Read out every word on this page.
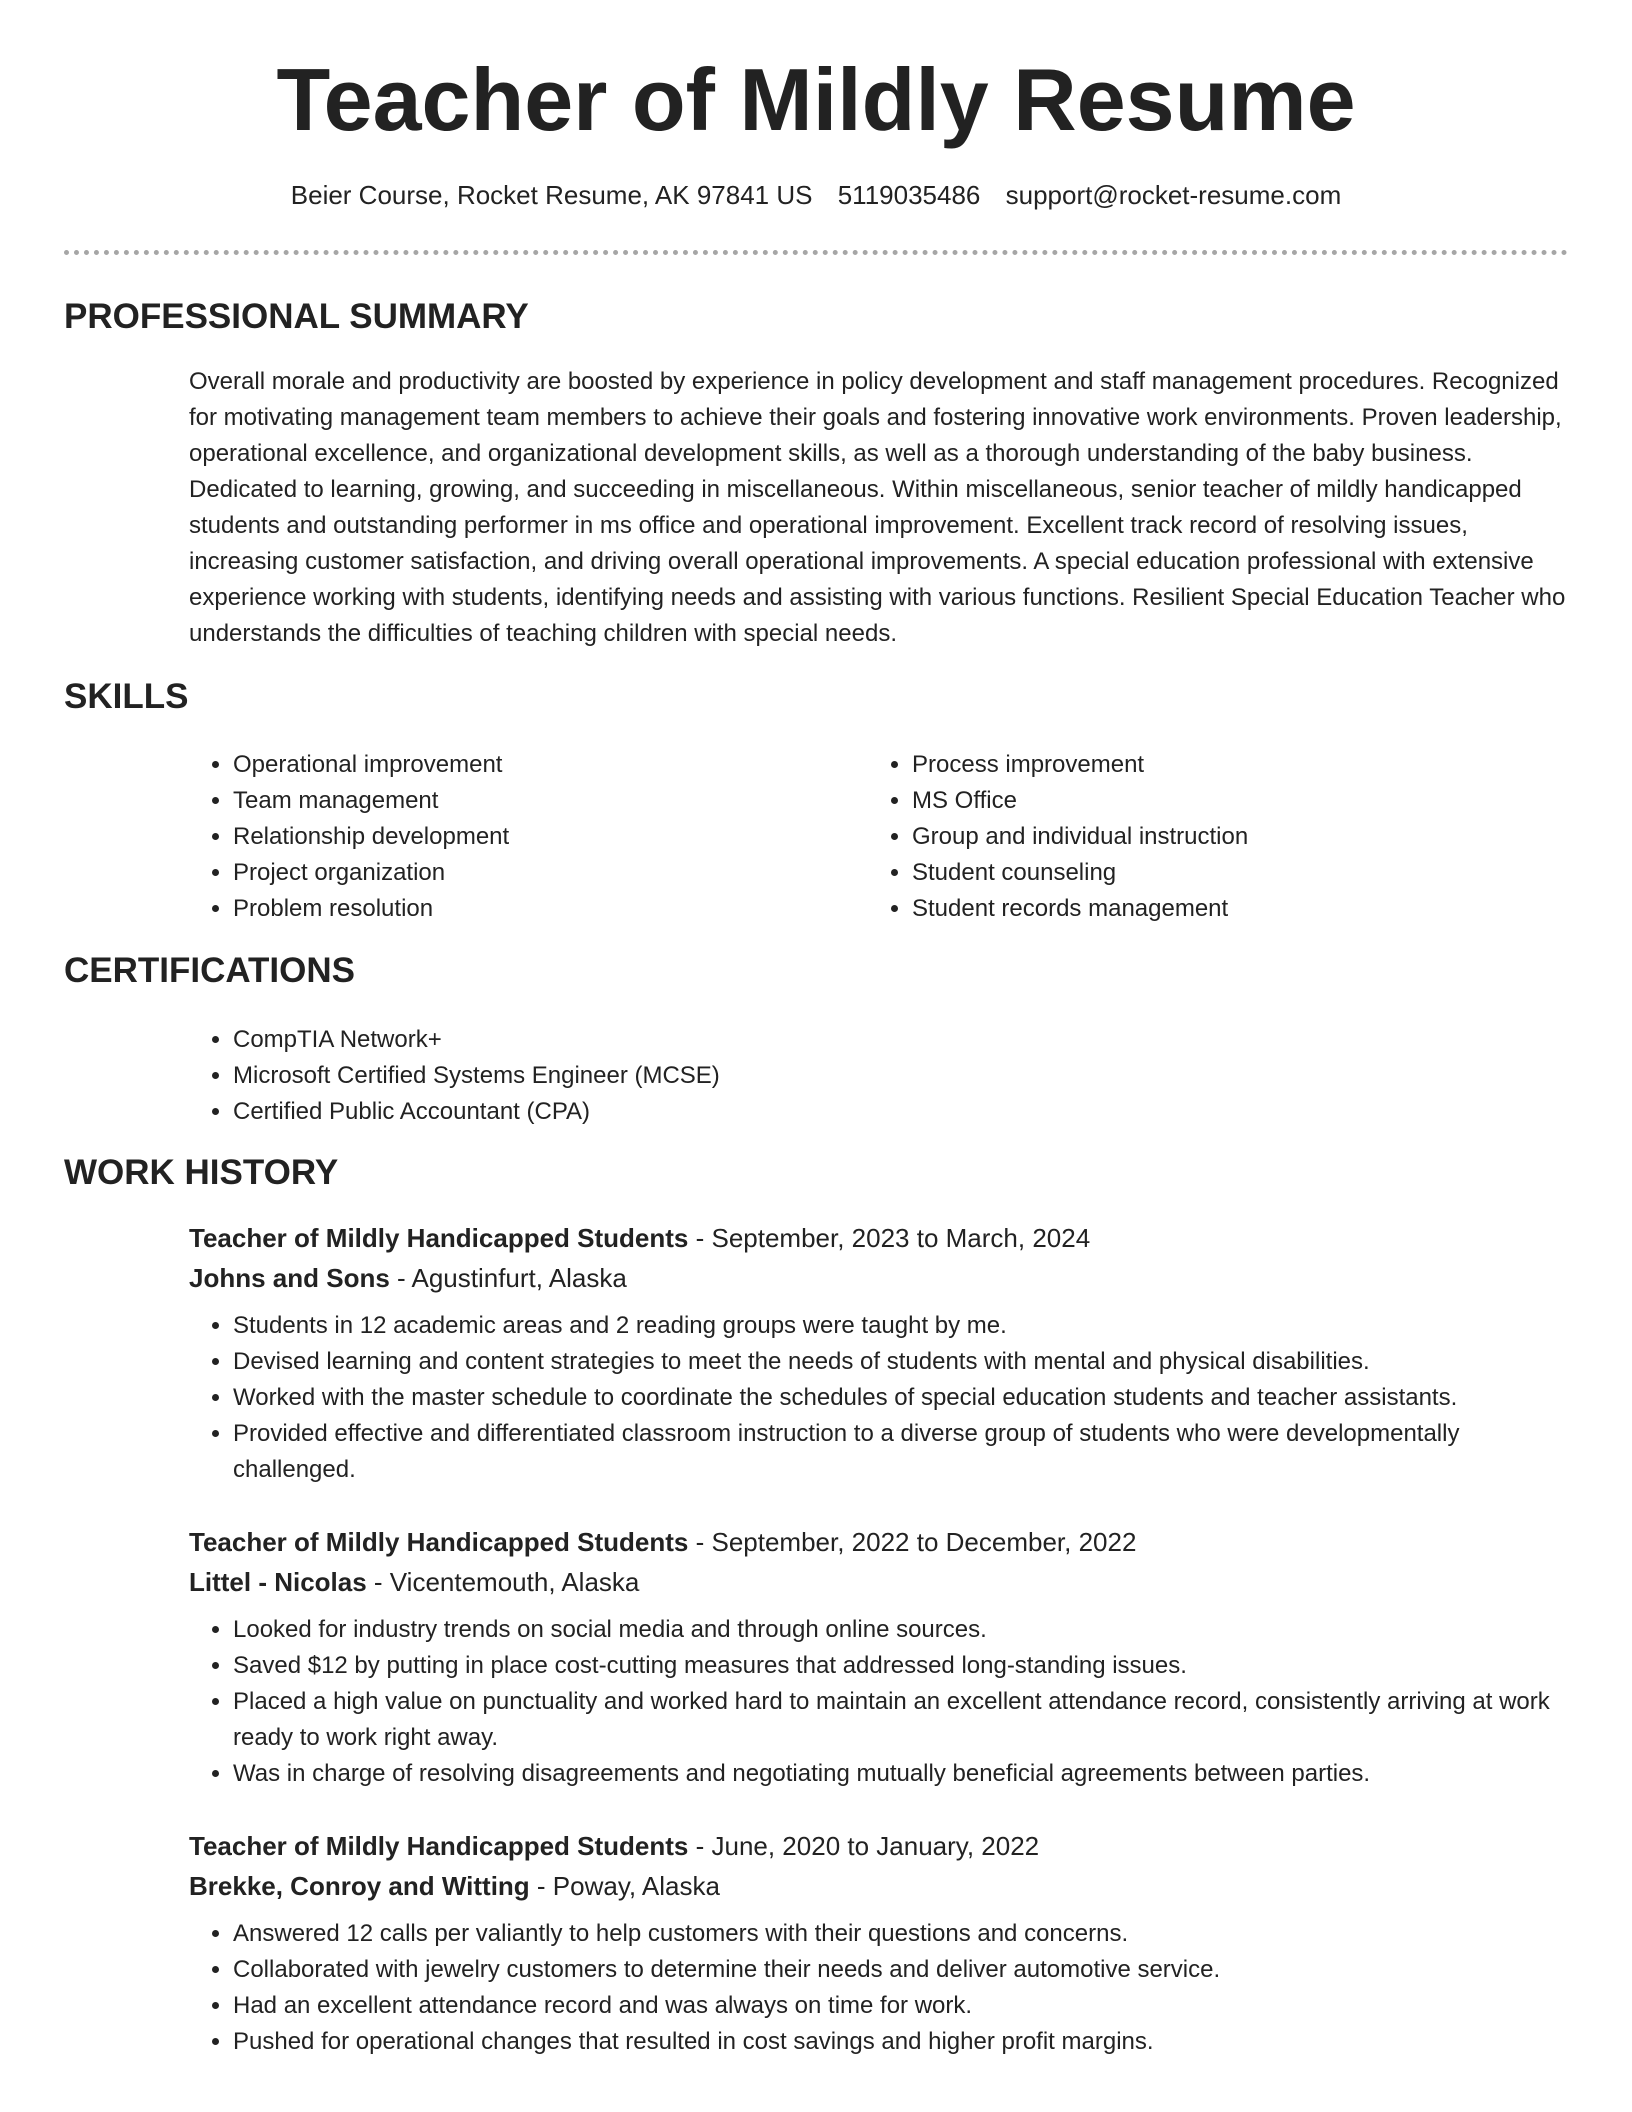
Teacher of Mildly Resume
Beier Course, Rocket Resume, AK 97841 US 5119035486 support@rocket-resume.com
PROFESSIONAL SUMMARY

Overall morale and productivity are boosted by experience in policy development and staff management procedures. Recognized for motivating management team members to achieve their goals and fostering innovative work environments. Proven leadership, operational excellence, and organizational development skills, as well as a thorough understanding of the baby business. Dedicated to learning, growing, and succeeding in miscellaneous. Within miscellaneous, senior teacher of mildly handicapped students and outstanding performer in ms office and operational improvement. Excellent track record of resolving issues, increasing customer satisfaction, and driving overall operational improvements. A special education professional with extensive experience working with students, identifying needs and assisting with various functions. Resilient Special Education Teacher who understands the difficulties of teaching children with special needs.

SKILLS
• Operational improvement
• Team management
• Relationship development
• Project organization
• Problem resolution
• Process improvement
• MS Office
• Group and individual instruction
• Student counseling
• Student records management
CERTIFICATIONS
• CompTIA Network+
• Microsoft Certified Systems Engineer (MCSE)
• Certified Public Accountant (CPA)
WORK HISTORY
Teacher of Mildly Handicapped Students - September, 2023 to March, 2024
Johns and Sons - Agustinfurt, Alaska
• Students in 12 academic areas and 2 reading groups were taught by me.
• Devised learning and content strategies to meet the needs of students with mental and physical disabilities.
• Worked with the master schedule to coordinate the schedules of special education students and teacher assistants.
• Provided effective and differentiated classroom instruction to a diverse group of students who were developmentally challenged.
Teacher of Mildly Handicapped Students - September, 2022 to December, 2022
Littel - Nicolas - Vicentemouth, Alaska
• Looked for industry trends on social media and through online sources.
• Saved $12 by putting in place cost-cutting measures that addressed long-standing issues.
• Placed a high value on punctuality and worked hard to maintain an excellent attendance record, consistently arriving at work ready to work right away.
• Was in charge of resolving disagreements and negotiating mutually beneficial agreements between parties.
Teacher of Mildly Handicapped Students - June, 2020 to January, 2022
Brekke, Conroy and Witting - Poway, Alaska
• Answered 12 calls per valiantly to help customers with their questions and concerns.
• Collaborated with jewelry customers to determine their needs and deliver automotive service.
• Had an excellent attendance record and was always on time for work.
• Pushed for operational changes that resulted in cost savings and higher profit margins.
